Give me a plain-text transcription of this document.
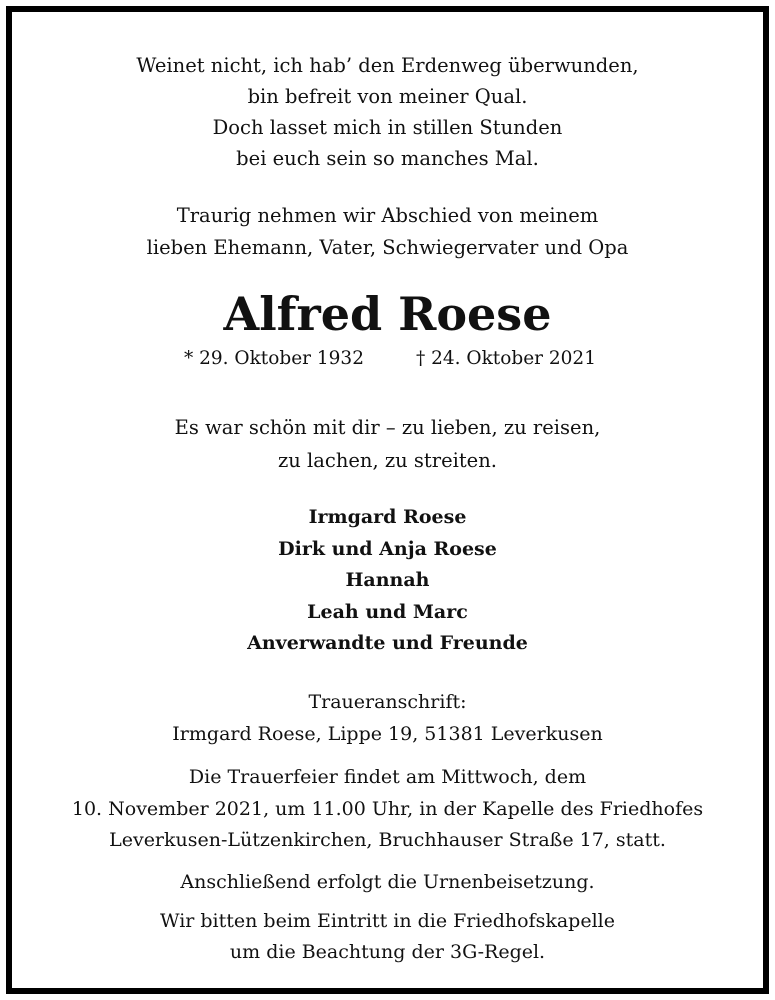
Weinet nicht, ich hab’ den Erdenweg überwunden,

bin befreit von meiner Qual.

Doch lasset mich in stillen Stunden

bei euch sein so manches Mal.

Traurig nehmen wir Abschied von meinem

lieben Ehemann, Vater, Schwiegervater und Opa

Alfred Roese
* 29. Oktober 1932	† 24. Oktober 2021

Es war schön mit dir – zu lieben, zu reisen,

zu lachen, zu streiten.

Irmgard Roese

Dirk und Anja Roese

Hannah

Leah und Marc

Anverwandte und Freunde

Traueranschrift:

Irmgard Roese, Lippe 19, 51381 Leverkusen

Die Trauerfeier findet am Mittwoch, dem

10. November 2021, um 11.00 Uhr, in der Kapelle des Friedhofes

Leverkusen-Lützenkirchen, Bruchhauser Straße 17, statt.

Anschließend erfolgt die Urnenbeisetzung.

Wir bitten beim Eintritt in die Friedhofskapelle

um die Beachtung der 3G-Regel.
